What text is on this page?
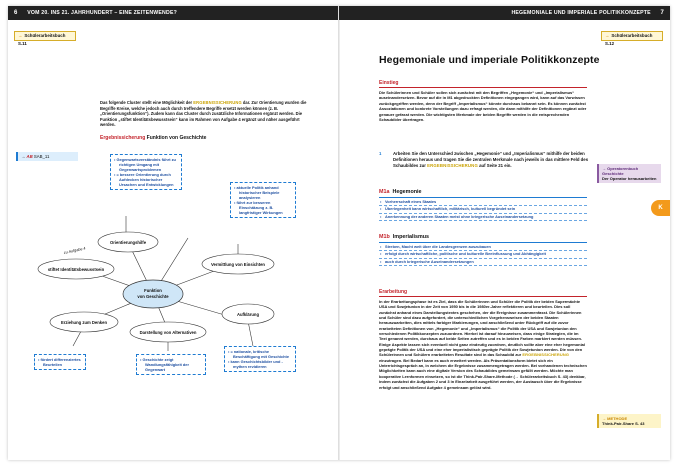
6 VOM 20. INS 21. JAHRHUNDERT – EINE ZEITENWENDE?
→ Schülerarbeitsbuch S.11
Das folgende Cluster stellt eine Möglichkeit der ERGEBNISSICHERUNG dar. Zur Orientierung wurden die Begriffe Kreise, welche jedoch auch durch treffendere Begriffe ersetzt werden können (z. B. „Orientierungsfunktion“). Zudem kann das Cluster durch zusätzliche Informationen ergänzt werden. Die Funktion „stiftet Identitätsbewusstsein“ kann im Rahmen von Aufgabe 4 ergänzt und näher ausgeführt werden.
Ergebnissicherung Funktion von Geschichte
→ AB SAB_11
Funktion
von Geschichte
Orientierungshilfe
Vermittlung von Einsichten
stiftet Identitätsbewusstsein
Aufklärung
Erziehung zum Denken
Darstellung von Alternativen
zu Aufgabe 4
• Gegenwartsverständnis führt zu richtigen Umgang mit Gegenwartsproblemen
• = bessere Orientierung durch Aufdecken historischer Ursachen und Entwicklungen
• aktuelle Politik anhand historischer Beispiele analysieren
• führt zur besseren Einschätzung z. B. langfristiger Wirkungen
• fördert differenziertes Beurteilen
• Geschichte zeigt Wandlungsfähigkeit der Gegenwart
• = nationale, kritische Beschäftigung mit Geschichte
• kann Geschichtsbilder und -mythen revidieren
HEGEMONIALE UND IMPERIALE POLITIKKONZEPTE 7
→ Schülerarbeitsbuch S.12
Hegemoniale und imperiale Politikkonzepte
Einstieg
Die Schülerinnen und Schüler sollen sich zunächst mit den Begriffen „Hegemonie“ und „Imperialismus“ auseinandersetzen. Bevor auf die in M1 abgedruckten Definitionen eingegangen wird, kann auf das Vorwissen zurückgegriffen werden, denn der Begriff „Imperialismus“ könnte durchaus bekannt sein. Es können zunächst Assoziationen und konkrete Vorstellungen dazu erfragt werden, die dann mithilfe der Definitionen ergänzt oder genauer gefasst werden. Die wichtigsten Merkmale der beiden Begriffe werden in die entsprechenden Schaubilder übertragen.
1	Arbeiten Sie den Unterschied zwischen „Hegemonie“ und „Imperialismus“ mithilfe der beiden Definitionen heraus und tragen Sie die zentralen Merkmale nach jeweils in das mittlere Feld des Schaubildes zur ERGEBNISSICHERUNG auf Seite 21 ein.
M1a Hegemonie
• Vorherrschaft eines Staates
• Überlegenheit kann wirtschaftlich, militärisch, kulturell begründet sein
• Anerkennung der anderen Staaten meist ohne kriegerische Auseinandersetzung
M1b Imperialismus
• Streben, Macht weit über die Landesgrenzen auszubauen
• erfolgt durch wirtschaftliche, politische und kulturelle Beeinflussung und Abhängigkeit
• auch durch kriegerische Auseinandersetzungen
Erarbeitung
In der Erarbeitungsphase ist es Ziel, dass die Schülerinnen und Schüler die Politik der beiden Supermächte USA und Sowjetunion in der Zeit von 1950 bis in die 1980er-Jahre reflektieren und beurteilen. Dies soll zunächst anhand eines Darstellungstextes geschehen, der die Ereignisse zusammenfasst. Die Schülerinnen und Schüler sind dazu aufgefordert, die unterschiedlichen Vorgehensweisen der beiden Staaten herauszuarbeiten, dies mittels farbiger Markierungen, und anschließend unter Rückgriff auf die zuvor erarbeiteten Definitionen von „Hegemonie“ und „Imperialismus“ die Politik der USA und Sowjetunion den verschiedenen Politikkonzepten zuzuordnen. Hierbei ist darauf hinzuweisen, dass einige Strategien, die im Text genannt werden, durchaus auf beide Seiten zutreffen und es in beiden Farben markiert werden müssen. Einige Aspekte lassen sich eventuell nicht ganz eindeutig zuordnen, deutlich sollte aber eine eher hegemonial geprägte Politik der USA und eine eher imperialistisch geprägte Politik der Sowjetunion werden. Die von den Schülerinnen und Schülern erarbeiteten Resultate sind in das Schaubild zur ERGEBNISSICHERUNG einzutragen. Bei Bedarf kann es auch erweitert werden. Als Präsentationsform bietet sich ein Unterrichtsgespräch an, in welchem die Ergebnisse zusammengetragen werden. Bei vorhandenen technischen Möglichkeiten kann auch eine digitale Version des Schaubildes gemeinsam gefüllt werden. Möchte man kooperative Lernformen einsetzen, so ist die Think-Pair-Share-Methode (→ Schülerarbeitsbuch S. 43) denkbar, indem zunächst die Aufgaben 2 und 3 in Einzelarbeit ausgeführt werden, der Austausch über die Ergebnisse erfolgt und anschließend Aufgabe 4 gemeinsam gelöst wird.
→ Operatorenbuch Geschichte
Der Operator herausarbeiten
K
→ METHODE
Think-Pair-Share S. 43
